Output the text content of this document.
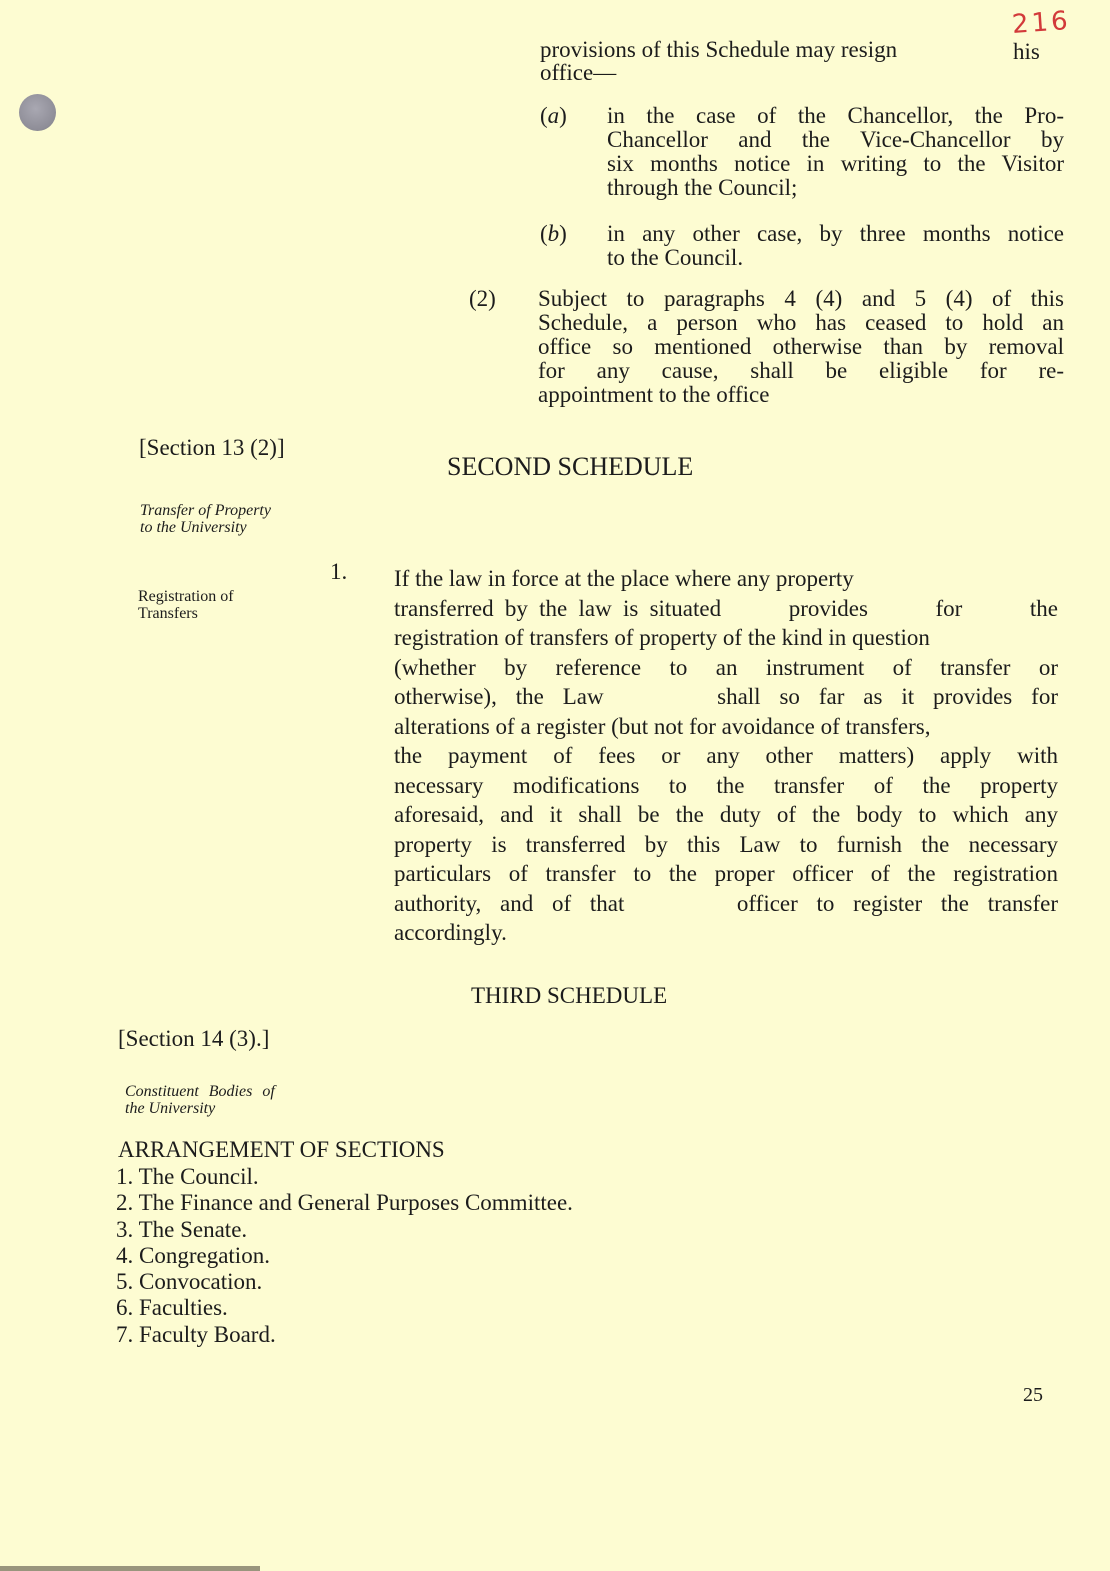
216
provisions of this Schedule may resign	his
office—
(a) in the case of the Chancellor, the Pro-
Chancellor and the Vice-Chancellor by
six months notice in writing to the Visitor
through the Council;
(b) in any other case, by three months notice
to the Council.
(2) Subject to paragraphs 4 (4) and 5 (4) of this
Schedule, a person who has ceased to hold an
office so mentioned otherwise than by removal
for any cause, shall be eligible for re-
appointment to the office
[Section 13 (2)]
SECOND SCHEDULE
Transfer of Property
to the University
Registration of
Transfers
1. If the law in force at the place where any property
transferred by the law is situated      provides      for      the
registration of transfers of property of the kind in question
(whether by reference to an instrument of transfer or
otherwise), the Law      shall so far as it provides for
alterations of a register (but not for avoidance of transfers,
the payment of fees or any other matters) apply with
necessary modifications to the transfer of the property
aforesaid, and it shall be the duty of the body to which any
property is transferred by this Law to furnish the necessary
particulars of transfer to the proper officer of the registration
authority, and of that      officer to register the transfer
accordingly.
THIRD SCHEDULE
[Section 14 (3).]
Constituent Bodies of
the University
ARRANGEMENT OF SECTIONS
1. The Council.
2. The Finance and General Purposes Committee.
3. The Senate.
4. Congregation.
5. Convocation.
6. Faculties.
7. Faculty Board.
25
